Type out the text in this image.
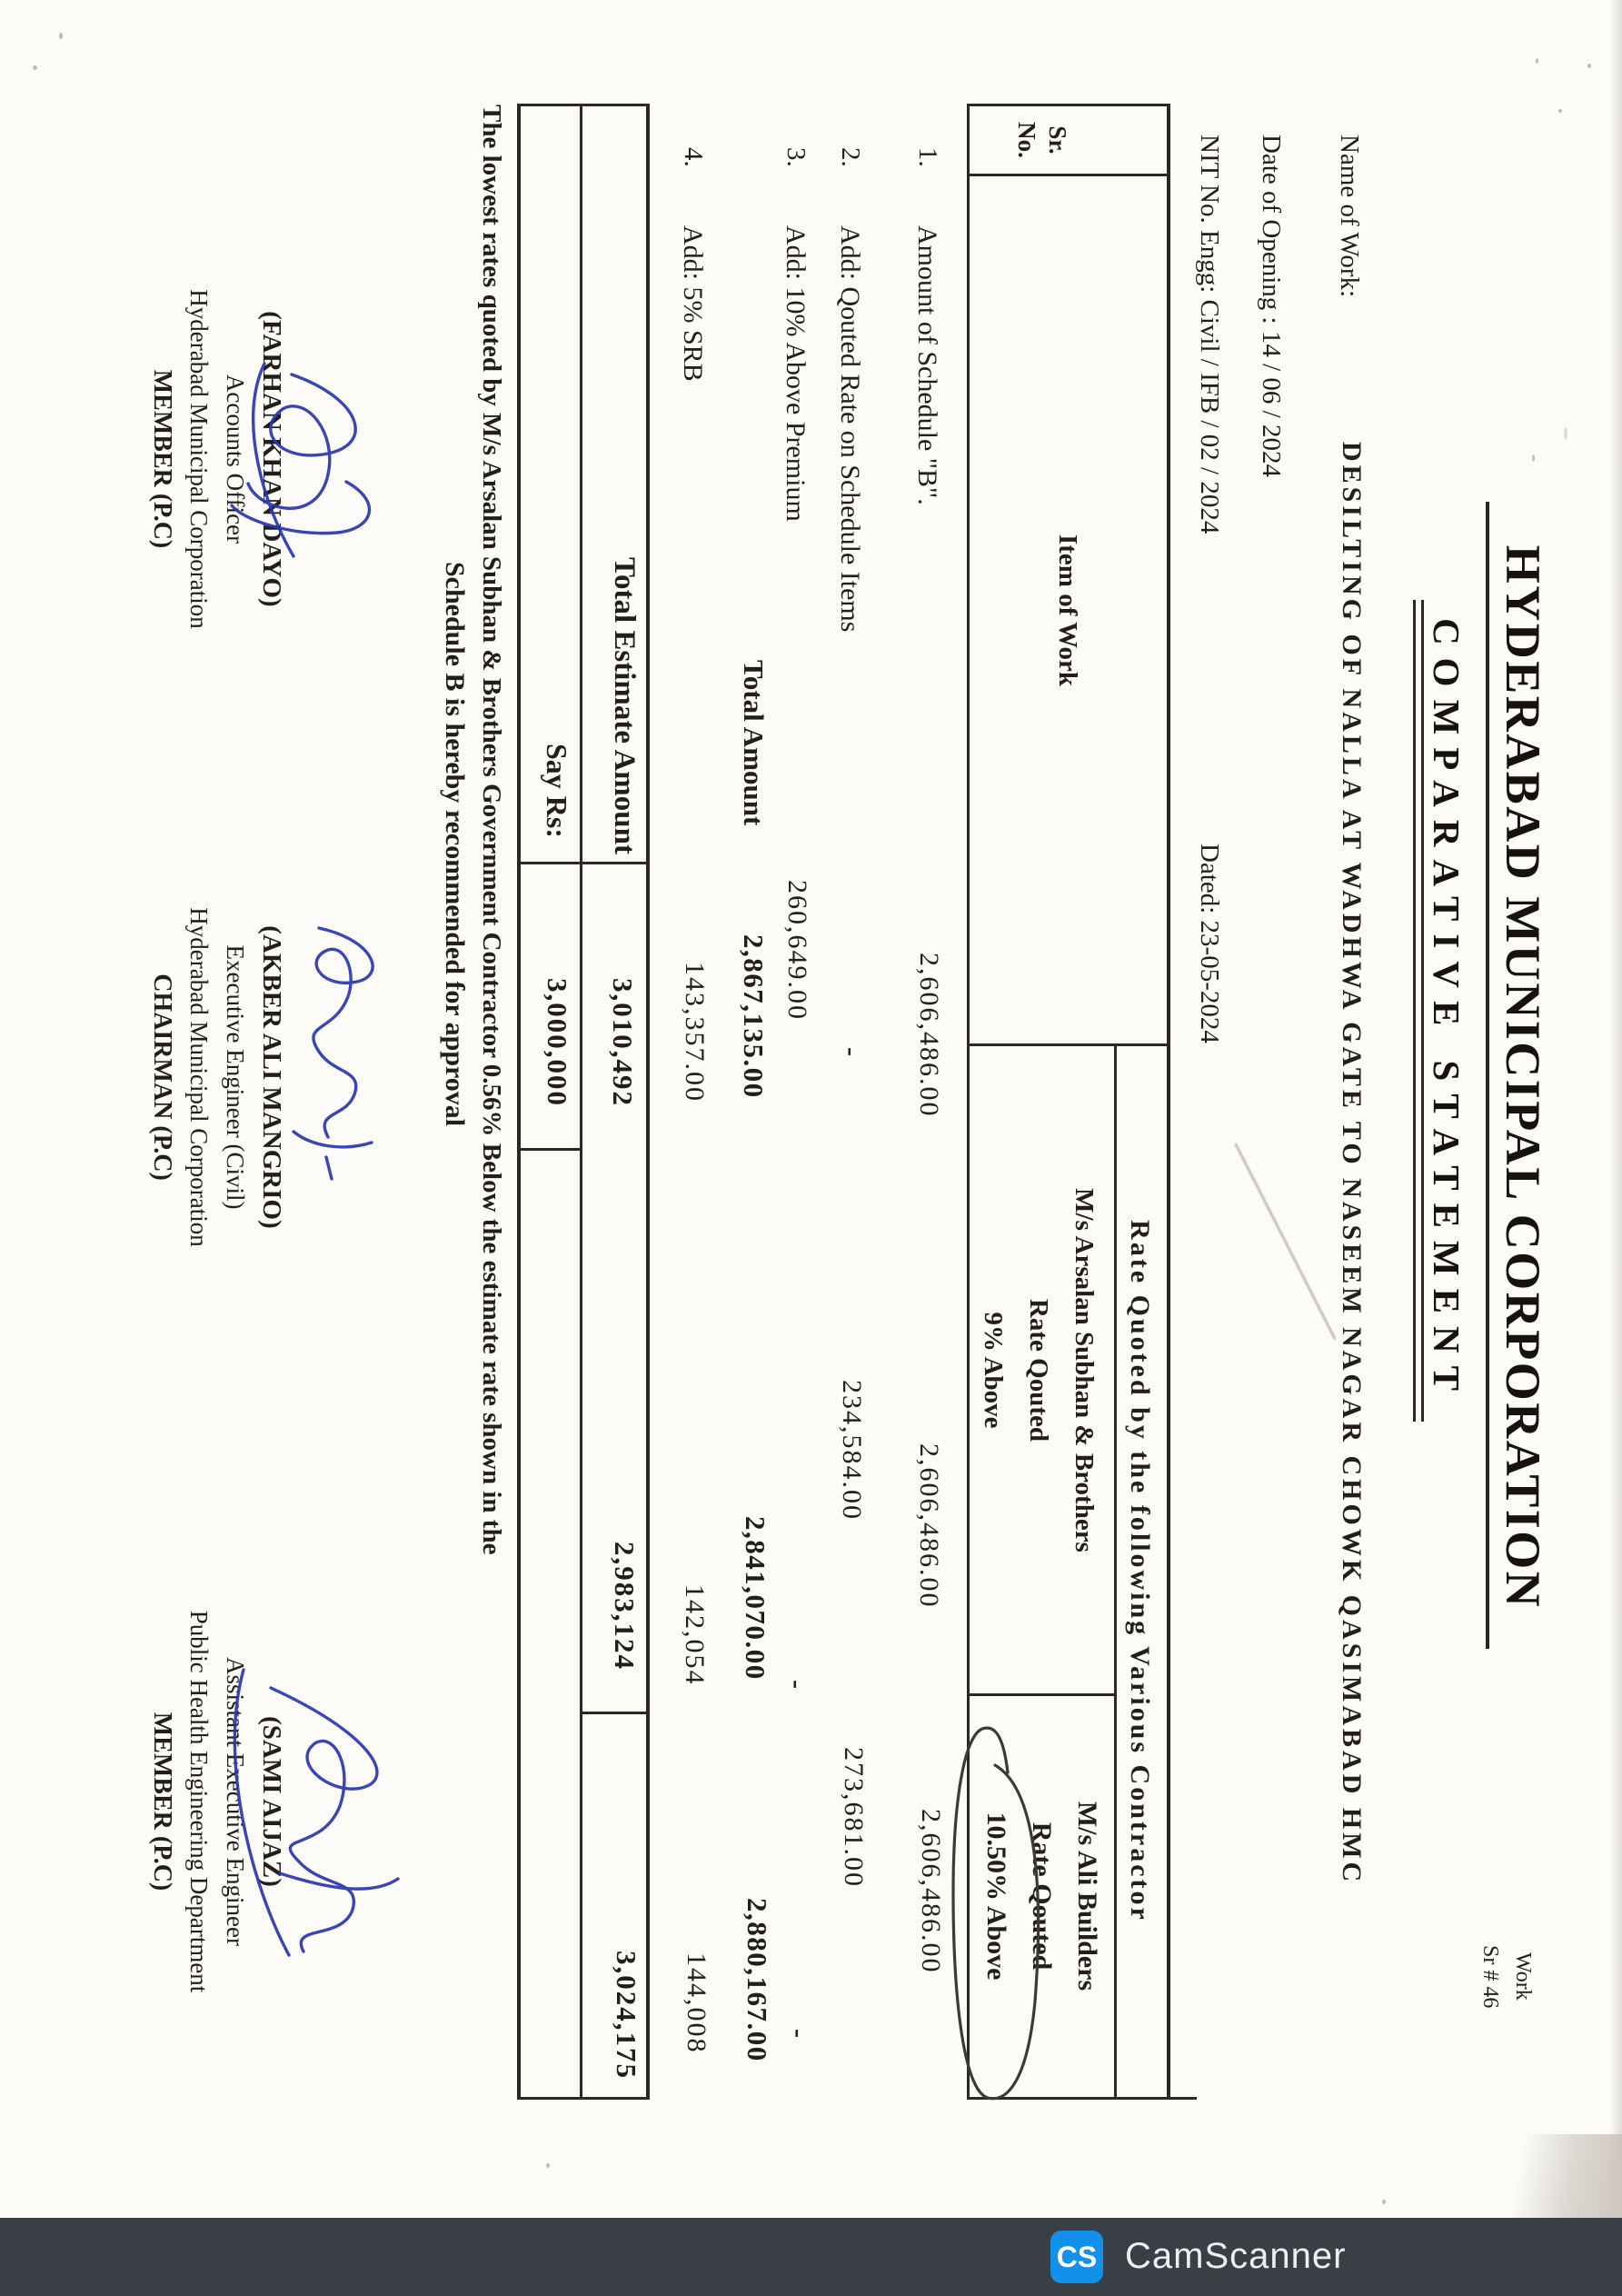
Work
Sr # 46
HYDERABAD MUNICIPAL CORPORATION
COMPARATIVE STATEMENT
Name of Work:
DESILTING OF NALLA AT WADHWA GATE TO NASEEM NAGAR CHOWK QASIMABAD HMC
Date of Opening : 14 / 06 / 2024
NIT No. Engg: Civil / IFB / 02 / 2024
Dated: 23-05-2024
Sr.
No.
Item of Work
Rate Quoted by the following Various Contractor
M/s Arsalan Subhan & Brothers
Rate Qouted
9% Above
M/s Ali Builders
Rate Qouted
10.50% Above
1.
Amount of Schedule "B".
2,606,486.00
2,606,486.00
2,606,486.00
2.
Add: Qouted Rate on Schedule Items
-
234,584.00
273,681.00
3.
Add: 10% Above Premium
260,649.00
-
-
Total Amount
2,867,135.00
2,841,070.00
2,880,167.00
4.
Add: 5% SRB
143,357.00
142,054
144,008
Total Estimate Amount
3,010,492
2,983,124
3,024,175
Say Rs:
3,000,000
The lowest rates quoted by M/s Arsalan Subhan & Brothers Government Contractor 0.56% Below the estimate rate shown in the
Schedule B is hereby recommended for approval
(FARHAN KHAN DAYO)
Accounts Officer
Hyderabad Municipal Corporation
MEMBER (P.C)
(AKBER ALI MANGRIO)
Executive Engineer (Civil)
Hyderabad Municipal Corporation
CHAIRMAN (P.C)
(SAMI AIJAZ)
Assistant Executive Engineer
Public Health Engineering Department
MEMBER (P.C)
CS CamScanner
